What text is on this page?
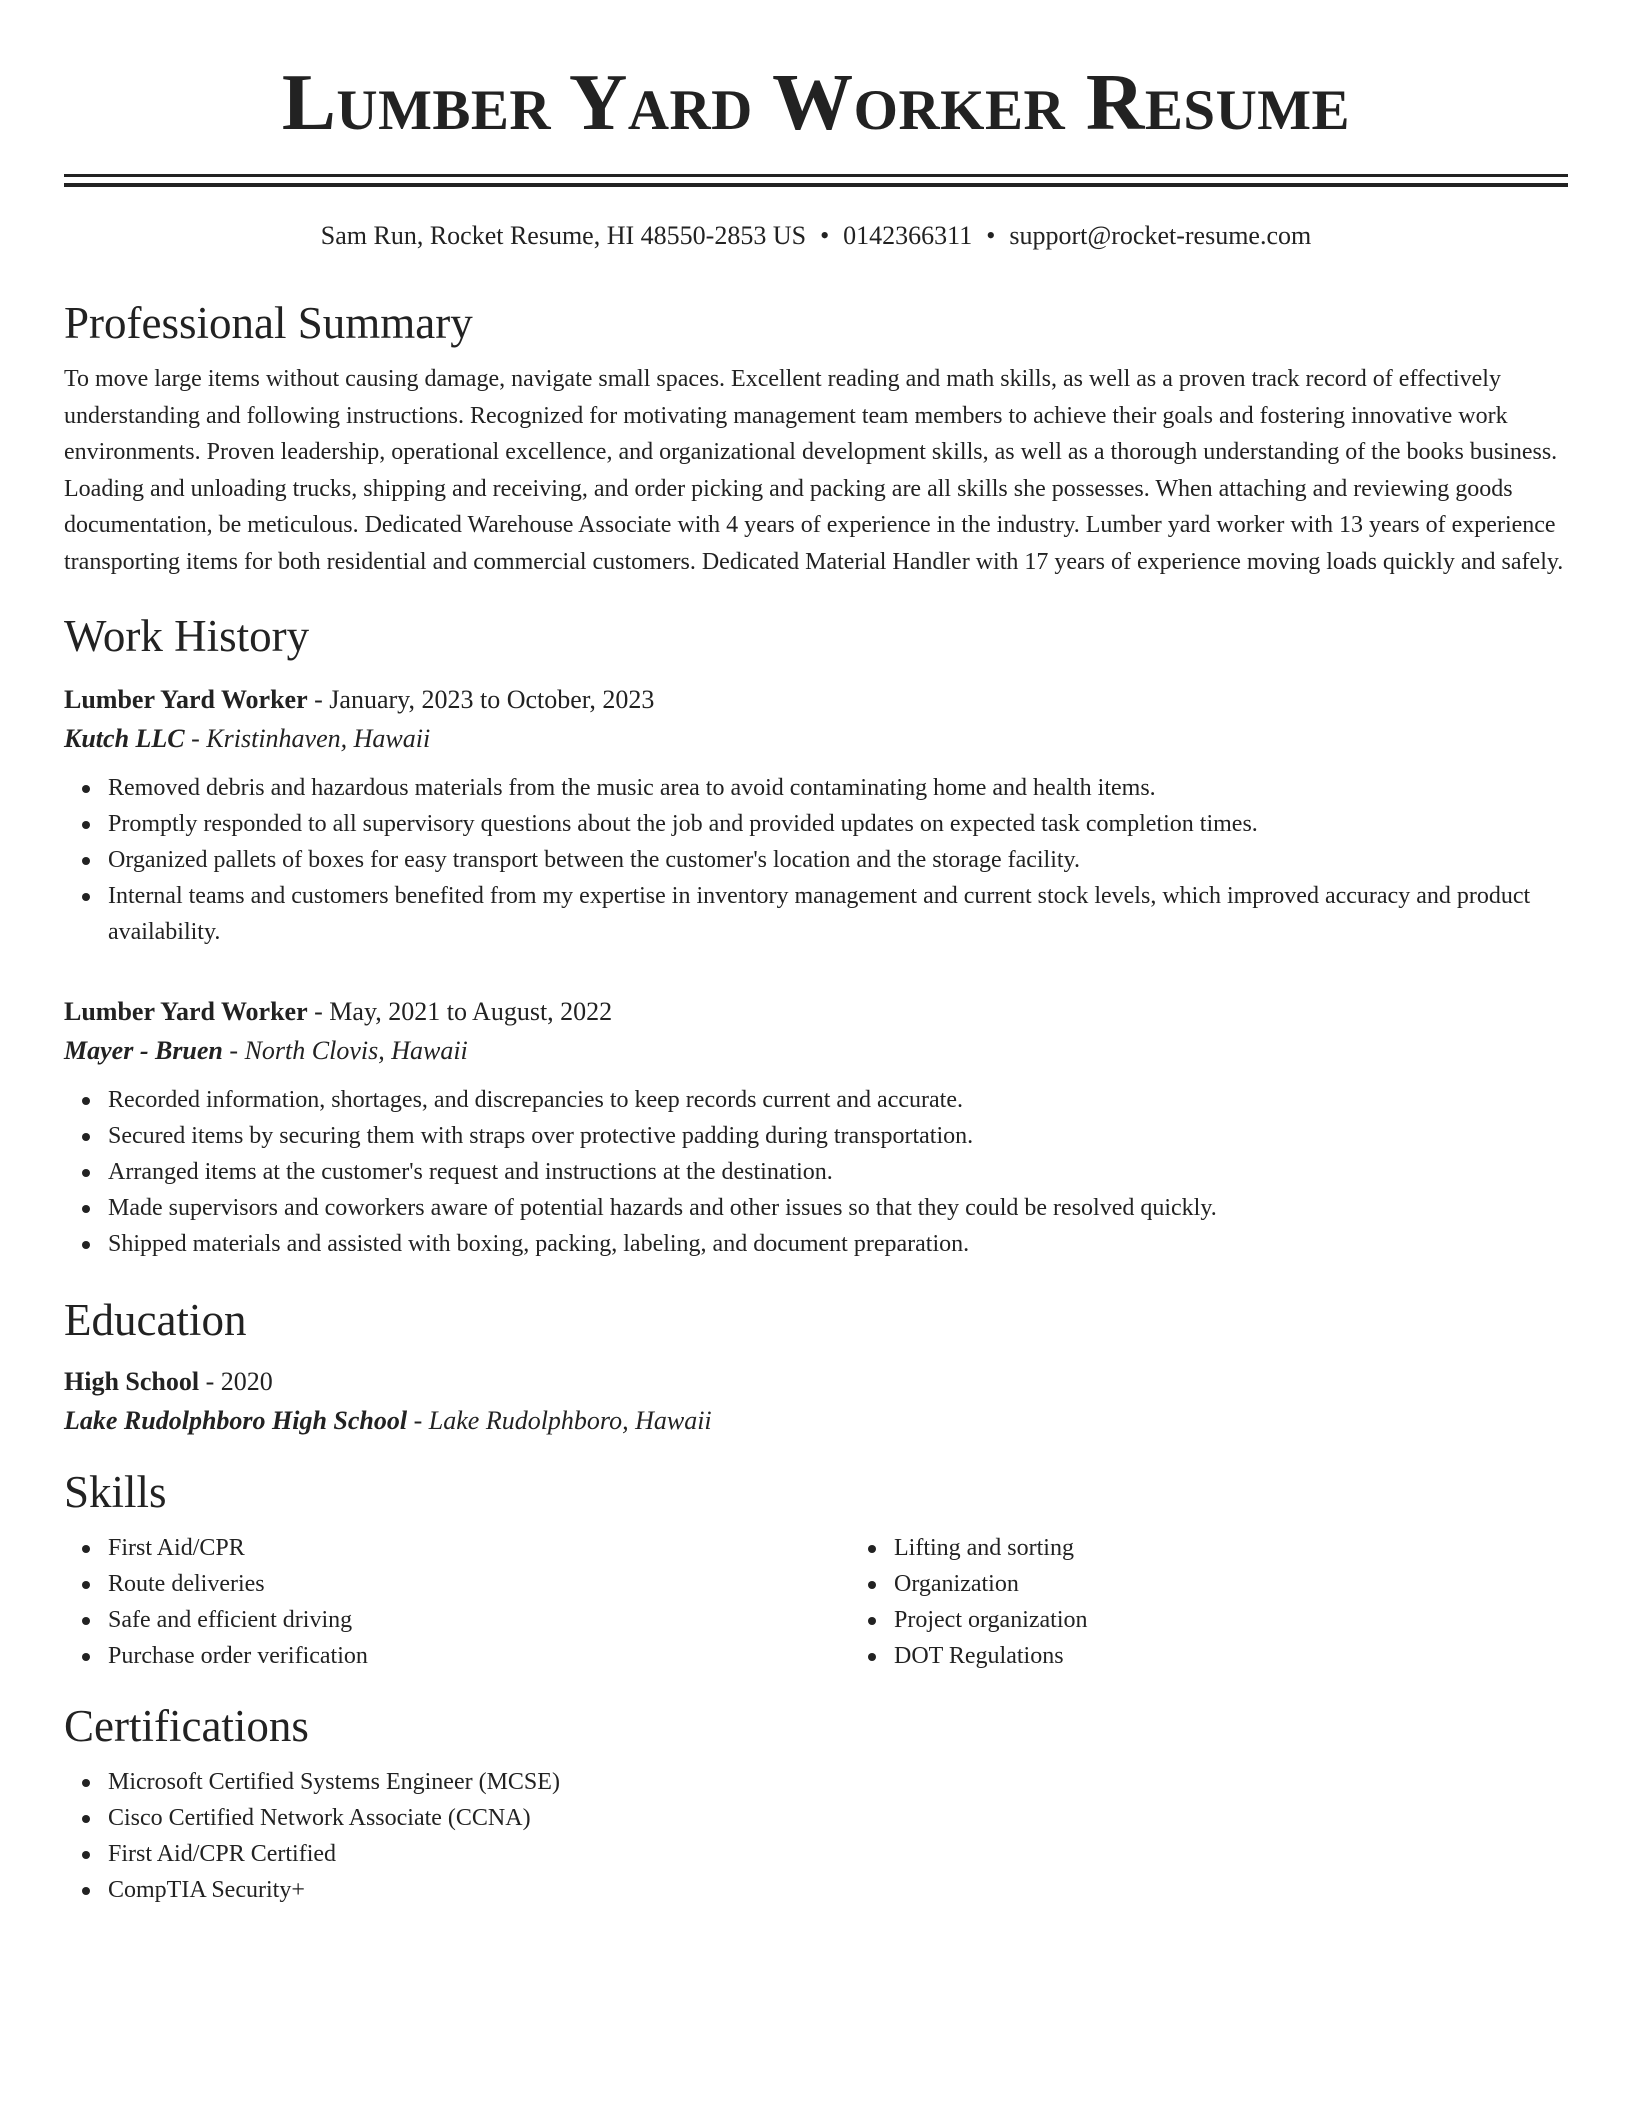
Lumber Yard Worker Resume
Sam Run, Rocket Resume, HI 48550-2853 US • 0142366311 • support@rocket-resume.com
Professional Summary

To move large items without causing damage, navigate small spaces. Excellent reading and math skills, as well as a proven track record of effectively understanding and following instructions. Recognized for motivating management team members to achieve their goals and fostering innovative work environments. Proven leadership, operational excellence, and organizational development skills, as well as a thorough understanding of the books business. Loading and unloading trucks, shipping and receiving, and order picking and packing are all skills she possesses. When attaching and reviewing goods documentation, be meticulous. Dedicated Warehouse Associate with 4 years of experience in the industry. Lumber yard worker with 13 years of experience transporting items for both residential and commercial customers. Dedicated Material Handler with 17 years of experience moving loads quickly and safely.

Work History
Lumber Yard Worker - January, 2023 to October, 2023
Kutch LLC - Kristinhaven, Hawaii
Removed debris and hazardous materials from the music area to avoid contaminating home and health items.
Promptly responded to all supervisory questions about the job and provided updates on expected task completion times.
Organized pallets of boxes for easy transport between the customer's location and the storage facility.
Internal teams and customers benefited from my expertise in inventory management and current stock levels, which improved accuracy and product availability.
Lumber Yard Worker - May, 2021 to August, 2022
Mayer - Bruen - North Clovis, Hawaii
Recorded information, shortages, and discrepancies to keep records current and accurate.
Secured items by securing them with straps over protective padding during transportation.
Arranged items at the customer's request and instructions at the destination.
Made supervisors and coworkers aware of potential hazards and other issues so that they could be resolved quickly.
Shipped materials and assisted with boxing, packing, labeling, and document preparation.
Education
High School - 2020
Lake Rudolphboro High School - Lake Rudolphboro, Hawaii
Skills
First Aid/CPR
Route deliveries
Safe and efficient driving
Purchase order verification
Lifting and sorting
Organization
Project organization
DOT Regulations
Certifications
Microsoft Certified Systems Engineer (MCSE)
Cisco Certified Network Associate (CCNA)
First Aid/CPR Certified
CompTIA Security+
